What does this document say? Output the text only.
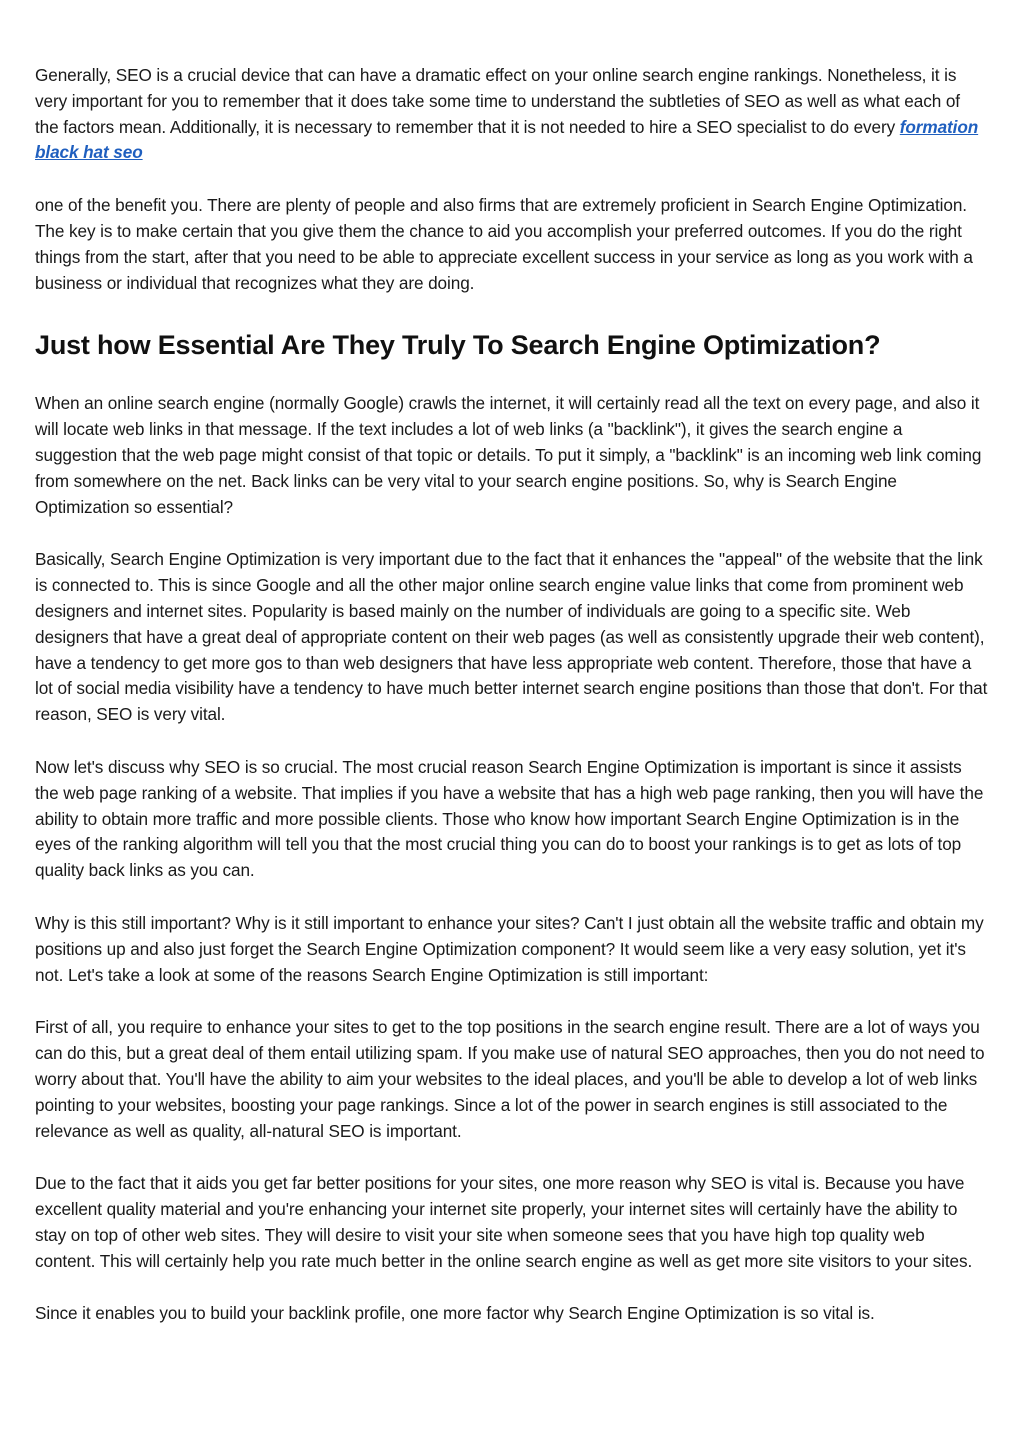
Generally, SEO is a crucial device that can have a dramatic effect on your online search engine rankings. Nonetheless, it is very important for you to remember that it does take some time to understand the subtleties of SEO as well as what each of the factors mean. Additionally, it is necessary to remember that it is not needed to hire a SEO specialist to do every formation black hat seo

one of the benefit you. There are plenty of people and also firms that are extremely proficient in Search Engine Optimization. The key is to make certain that you give them the chance to aid you accomplish your preferred outcomes. If you do the right things from the start, after that you need to be able to appreciate excellent success in your service as long as you work with a business or individual that recognizes what they are doing.

Just how Essential Are They Truly To Search Engine Optimization?

When an online search engine (normally Google) crawls the internet, it will certainly read all the text on every page, and also it will locate web links in that message. If the text includes a lot of web links (a "backlink"), it gives the search engine a suggestion that the web page might consist of that topic or details. To put it simply, a "backlink" is an incoming web link coming from somewhere on the net. Back links can be very vital to your search engine positions. So, why is Search Engine Optimization so essential?

Basically, Search Engine Optimization is very important due to the fact that it enhances the "appeal" of the website that the link is connected to. This is since Google and all the other major online search engine value links that come from prominent web designers and internet sites. Popularity is based mainly on the number of individuals are going to a specific site. Web designers that have a great deal of appropriate content on their web pages (as well as consistently upgrade their web content), have a tendency to get more gos to than web designers that have less appropriate web content. Therefore, those that have a lot of social media visibility have a tendency to have much better internet search engine positions than those that don't. For that reason, SEO is very vital.

Now let's discuss why SEO is so crucial. The most crucial reason Search Engine Optimization is important is since it assists the web page ranking of a website. That implies if you have a website that has a high web page ranking, then you will have the ability to obtain more traffic and more possible clients. Those who know how important Search Engine Optimization is in the eyes of the ranking algorithm will tell you that the most crucial thing you can do to boost your rankings is to get as lots of top quality back links as you can.

Why is this still important? Why is it still important to enhance your sites? Can't I just obtain all the website traffic and obtain my positions up and also just forget the Search Engine Optimization component? It would seem like a very easy solution, yet it's not. Let's take a look at some of the reasons Search Engine Optimization is still important:

First of all, you require to enhance your sites to get to the top positions in the search engine result. There are a lot of ways you can do this, but a great deal of them entail utilizing spam. If you make use of natural SEO approaches, then you do not need to worry about that. You'll have the ability to aim your websites to the ideal places, and you'll be able to develop a lot of web links pointing to your websites, boosting your page rankings. Since a lot of the power in search engines is still associated to the relevance as well as quality, all-natural SEO is important.

Due to the fact that it aids you get far better positions for your sites, one more reason why SEO is vital is. Because you have excellent quality material and you're enhancing your internet site properly, your internet sites will certainly have the ability to stay on top of other web sites. They will desire to visit your site when someone sees that you have high top quality web content. This will certainly help you rate much better in the online search engine as well as get more site visitors to your sites.

Since it enables you to build your backlink profile, one more factor why Search Engine Optimization is so vital is.
